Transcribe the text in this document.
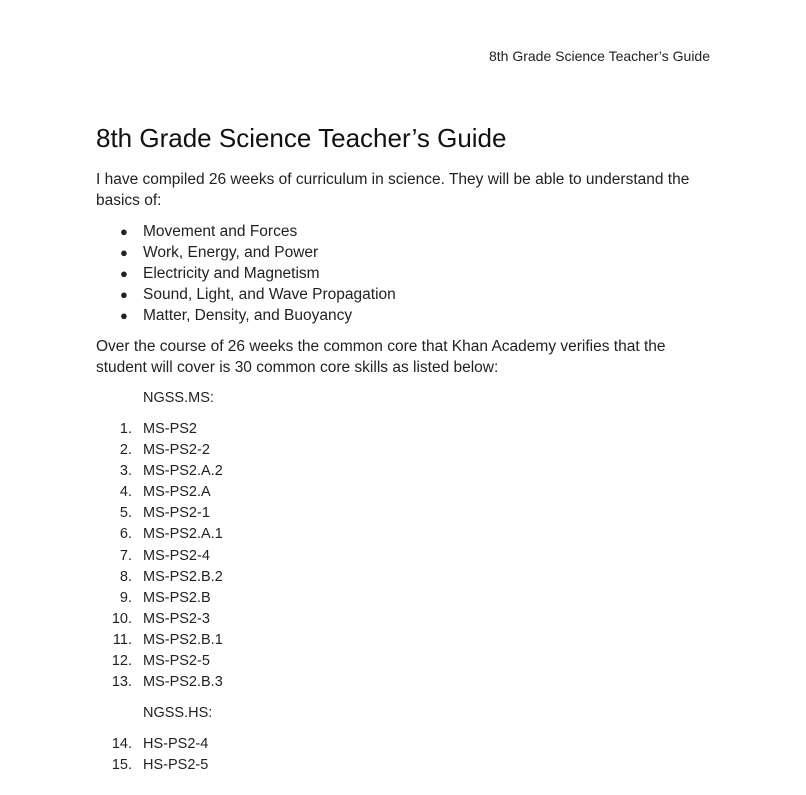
8th Grade Science Teacher’s Guide
8th Grade Science Teacher’s Guide

I have compiled 26 weeks of curriculum in science. They will be able to understand the basics of:

● Movement and Forces
● Work, Energy, and Power
● Electricity and Magnetism
● Sound, Light, and Wave Propagation
● Matter, Density, and Buoyancy

Over the course of 26 weeks the common core that Khan Academy verifies that the student will cover is 30 common core skills as listed below:

NGSS.MS:
1. MS-PS2
2. MS-PS2-2
3. MS-PS2.A.2
4. MS-PS2.A
5. MS-PS2-1
6. MS-PS2.A.1
7. MS-PS2-4
8. MS-PS2.B.2
9. MS-PS2.B
10. MS-PS2-3
11. MS-PS2.B.1
12. MS-PS2-5
13. MS-PS2.B.3
NGSS.HS:
14. HS-PS2-4
15. HS-PS2-5
